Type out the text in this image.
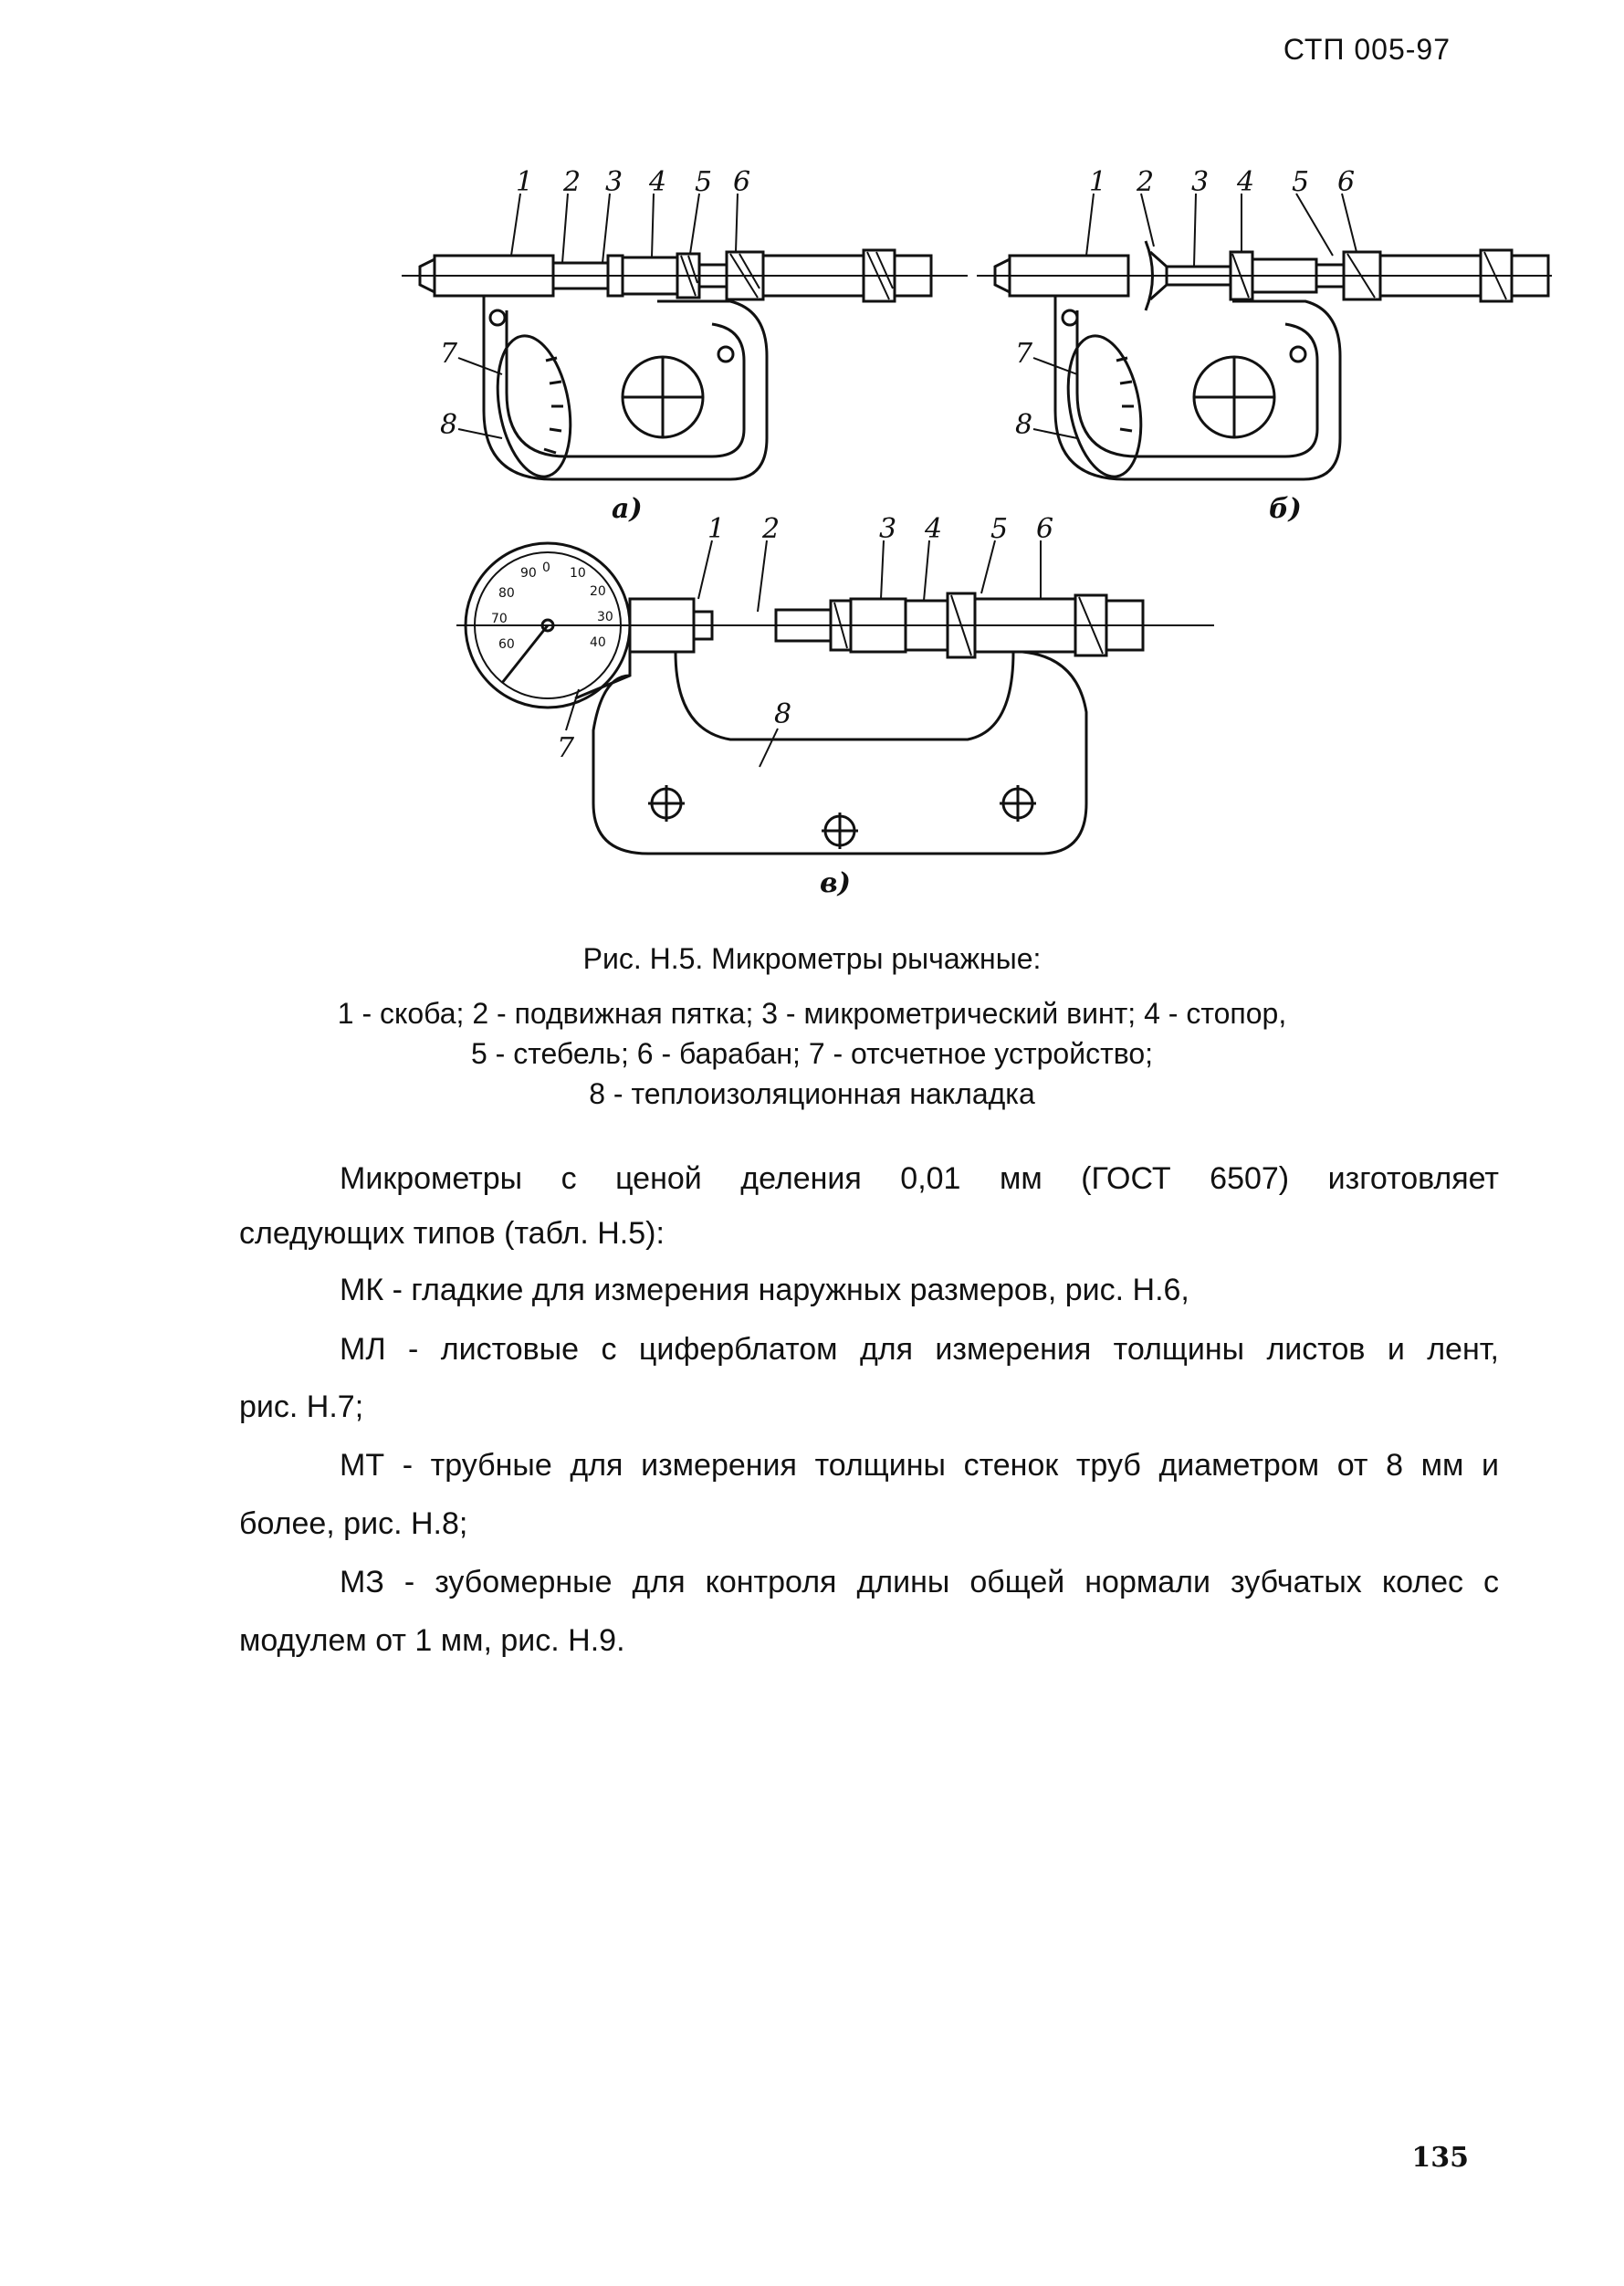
СТП 005-97
0 10
20
30
40
90
80
70
60
1 2 3 4 5 6
7
8
а)
1 2 3 4 5 6
7
8
б)
1 2	3 4 5 6
7
8
в)
Рис. Н.5. Микрометры рычажные:
1 - скоба; 2 - подвижная пятка; 3 - микрометрический винт; 4 - стопор,
5 - стебель; 6 - барабан; 7 - отсчетное устройство;
8 - теплоизоляционная накладка
Микрометры с ценой деления 0,01 мм (ГОСТ 6507) изготовляет
следующих типов (табл. Н.5):
МК - гладкие для измерения наружных размеров, рис. Н.6,
МЛ - листовые с циферблатом для измерения толщины листов и лент,
рис. Н.7;
МТ - трубные для измерения толщины стенок труб диаметром от 8 мм и
более, рис. Н.8;
МЗ - зубомерные для контроля длины общей нормали зубчатых колес с
модулем от 1 мм, рис. Н.9.
135
